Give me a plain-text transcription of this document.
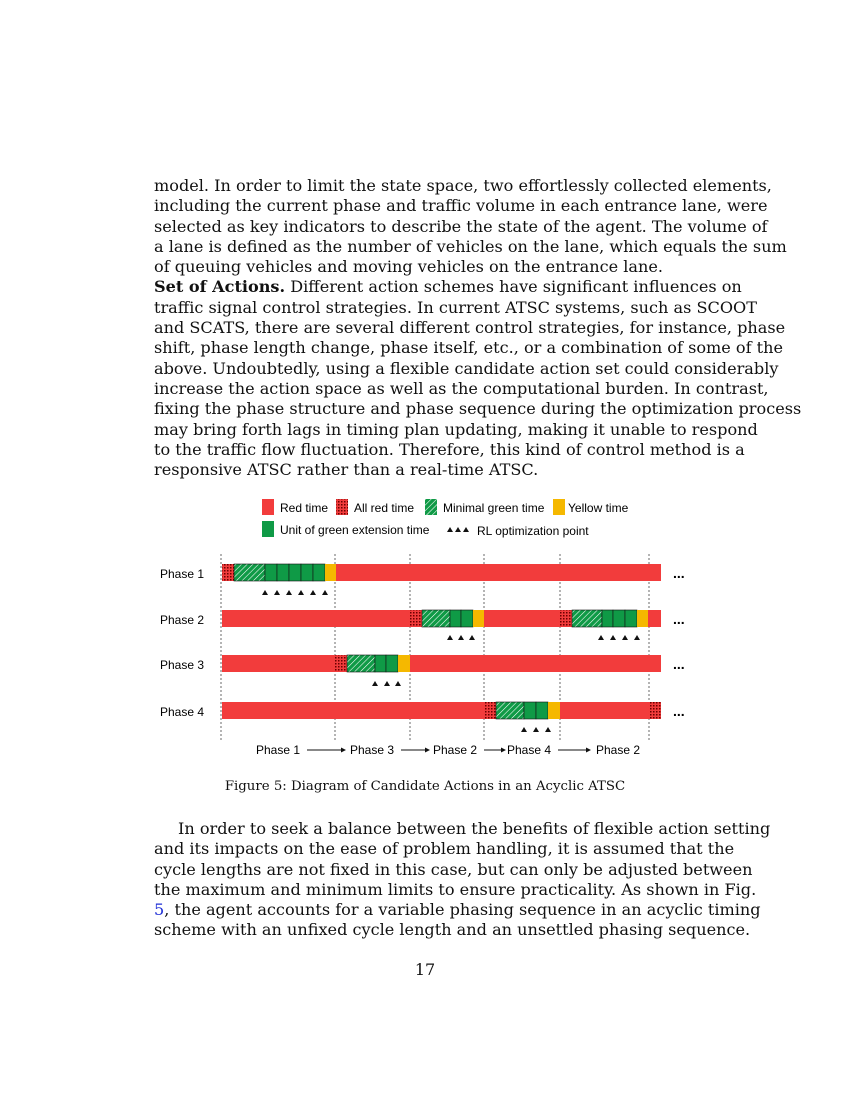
model. In order to limit the state space, two effortlessly collected elements,
including the current phase and traffic volume in each entrance lane, were
selected as key indicators to describe the state of the agent. The volume of
a lane is defined as the number of vehicles on the lane, which equals the sum
of queuing vehicles and moving vehicles on the entrance lane.
Set of Actions. Different action schemes have significant influences on
traffic signal control strategies. In current ATSC systems, such as SCOOT
and SCATS, there are several different control strategies, for instance, phase
shift, phase length change, phase itself, etc., or a combination of some of the
above. Undoubtedly, using a flexible candidate action set could considerably
increase the action space as well as the computational burden. In contrast,
fixing the phase structure and phase sequence during the optimization process
may bring forth lags in timing plan updating, making it unable to respond
to the traffic flow fluctuation. Therefore, this kind of control method is a
responsive ATSC rather than a real-time ATSC.
Red time All red time Minimal green time Yellow time
Unit of green extension time	RL optimization point
Phase 1
Phase 2
Phase 3
Phase 4
...
...
...
...
Phase 1	Phase 3	Phase 2 Phase 4	Phase 2

Figure 5: Diagram of Candidate Actions in an Acyclic ATSC

In order to seek a balance between the benefits of flexible action setting
and its impacts on the ease of problem handling, it is assumed that the
cycle lengths are not fixed in this case, but can only be adjusted between
the maximum and minimum limits to ensure practicality. As shown in Fig.
5, the agent accounts for a variable phasing sequence in an acyclic timing
scheme with an unfixed cycle length and an unsettled phasing sequence.

17
